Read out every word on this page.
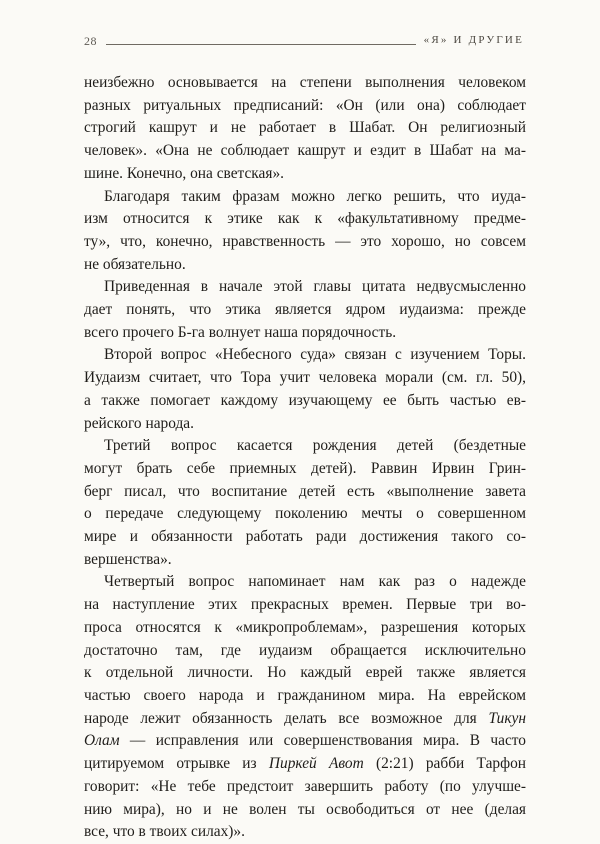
28	«Я» И ДРУГИЕ

неизбежно основывается на степени выполнения человеком
разных ритуальных предписаний: «Он (или она) соблюдает
строгий кашрут и не работает в Шабат. Он религиозный
человек». «Она не соблюдает кашрут и ездит в Шабат на ма-
шине. Конечно, она светская».

Благодаря таким фразам можно легко решить, что иуда-
изм относится к этике как к «факультативному предме-
ту», что, конечно, нравственность — это хорошо, но совсем
не обязательно.

Приведенная в начале этой главы цитата недвусмысленно
дает понять, что этика является ядром иудаизма: прежде
всего прочего Б-га волнует наша порядочность.

Второй вопрос «Небесного суда» связан с изучением Торы.
Иудаизм считает, что Тора учит человека морали (см. гл. 50),
а также помогает каждому изучающему ее быть частью ев-
рейского народа.

Третий вопрос касается рождения детей (бездетные
могут брать себе приемных детей). Раввин Ирвин Грин-
берг писал, что воспитание детей есть «выполнение завета
о передаче следующему поколению мечты о совершенном
мире и обязанности работать ради достижения такого со-
вершенства».

Четвертый вопрос напоминает нам как раз о надежде
на наступление этих прекрасных времен. Первые три во-
проса относятся к «микропроблемам», разрешения которых
достаточно там, где иудаизм обращается исключительно
к отдельной личности. Но каждый еврей также является
частью своего народа и гражданином мира. На еврейском
народе лежит обязанность делать все возможное для Тикун
Олам — исправления или совершенствования мира. В часто
цитируемом отрывке из Пиркей Авот (2:21) рабби Тарфон
говорит: «Не тебе предстоит завершить работу (по улучше-
нию мира), но и не волен ты освободиться от нее (делая
все, что в твоих силах)».
